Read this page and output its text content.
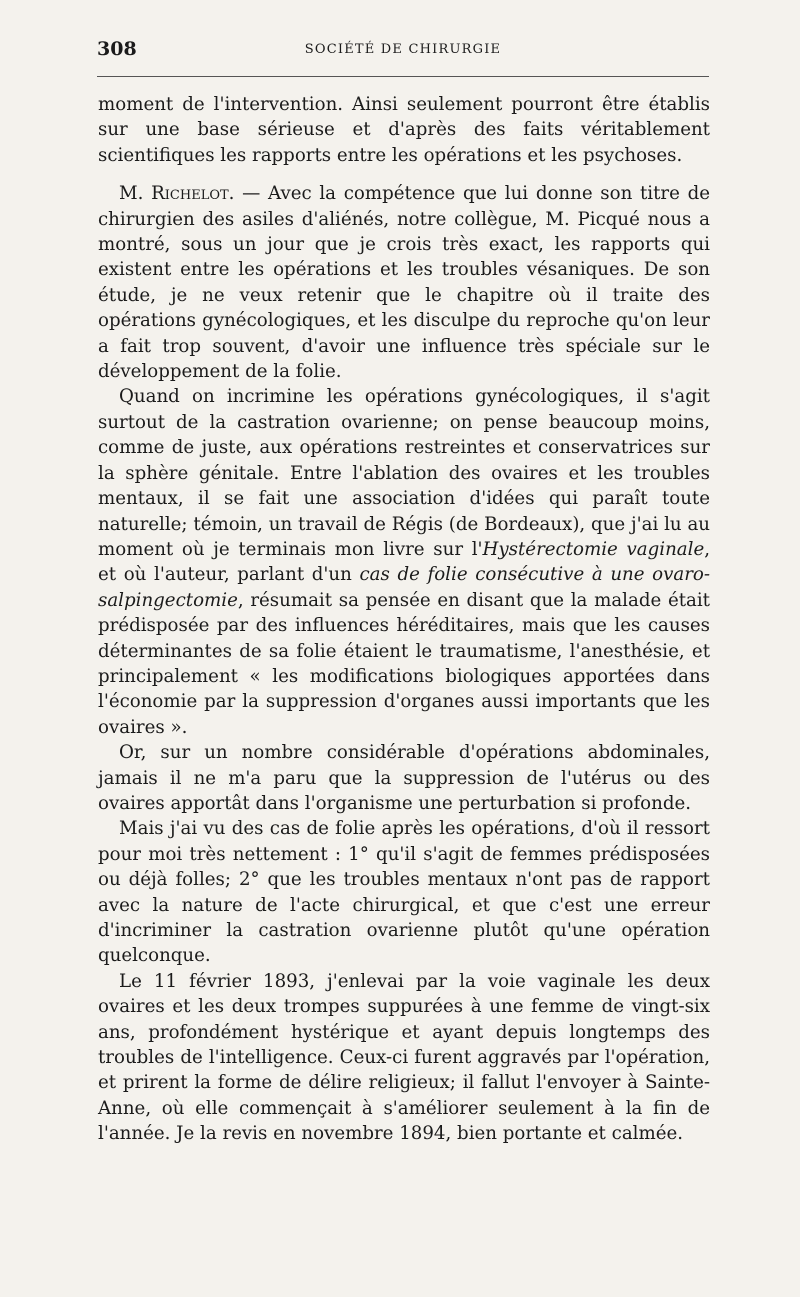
308	SOCIÉTÉ DE CHIRURGIE

moment de l'intervention. Ainsi seulement pourront être établis sur une base sérieuse et d'après des faits véritablement scientifiques les rapports entre les opérations et les psychoses.

M. Richelot. — Avec la compétence que lui donne son titre de chirurgien des asiles d'aliénés, notre collègue, M. Picqué nous a montré, sous un jour que je crois très exact, les rapports qui existent entre les opérations et les troubles vésaniques. De son étude, je ne veux retenir que le chapitre où il traite des opérations gynécologiques, et les disculpe du reproche qu'on leur a fait trop souvent, d'avoir une influence très spéciale sur le développement de la folie.

Quand on incrimine les opérations gynécologiques, il s'agit surtout de la castration ovarienne; on pense beaucoup moins, comme de juste, aux opérations restreintes et conservatrices sur la sphère génitale. Entre l'ablation des ovaires et les troubles mentaux, il se fait une association d'idées qui paraît toute naturelle; témoin, un travail de Régis (de Bordeaux), que j'ai lu au moment où je terminais mon livre sur l'Hystérectomie vaginale, et où l'auteur, parlant d'un cas de folie consécutive à une ovaro-salpingectomie, résumait sa pensée en disant que la malade était prédisposée par des influences héréditaires, mais que les causes déterminantes de sa folie étaient le traumatisme, l'anesthésie, et principalement « les modifications biologiques apportées dans l'économie par la suppression d'organes aussi importants que les ovaires ».

Or, sur un nombre considérable d'opérations abdominales, jamais il ne m'a paru que la suppression de l'utérus ou des ovaires apportât dans l'organisme une perturbation si profonde.

Mais j'ai vu des cas de folie après les opérations, d'où il ressort pour moi très nettement : 1° qu'il s'agit de femmes prédisposées ou déjà folles; 2° que les troubles mentaux n'ont pas de rapport avec la nature de l'acte chirurgical, et que c'est une erreur d'incriminer la castration ovarienne plutôt qu'une opération quelconque.

Le 11 février 1893, j'enlevai par la voie vaginale les deux ovaires et les deux trompes suppurées à une femme de vingt-six ans, profondément hystérique et ayant depuis longtemps des troubles de l'intelligence. Ceux-ci furent aggravés par l'opération, et prirent la forme de délire religieux; il fallut l'envoyer à Sainte-Anne, où elle commençait à s'améliorer seulement à la fin de l'année. Je la revis en novembre 1894, bien portante et calmée.
